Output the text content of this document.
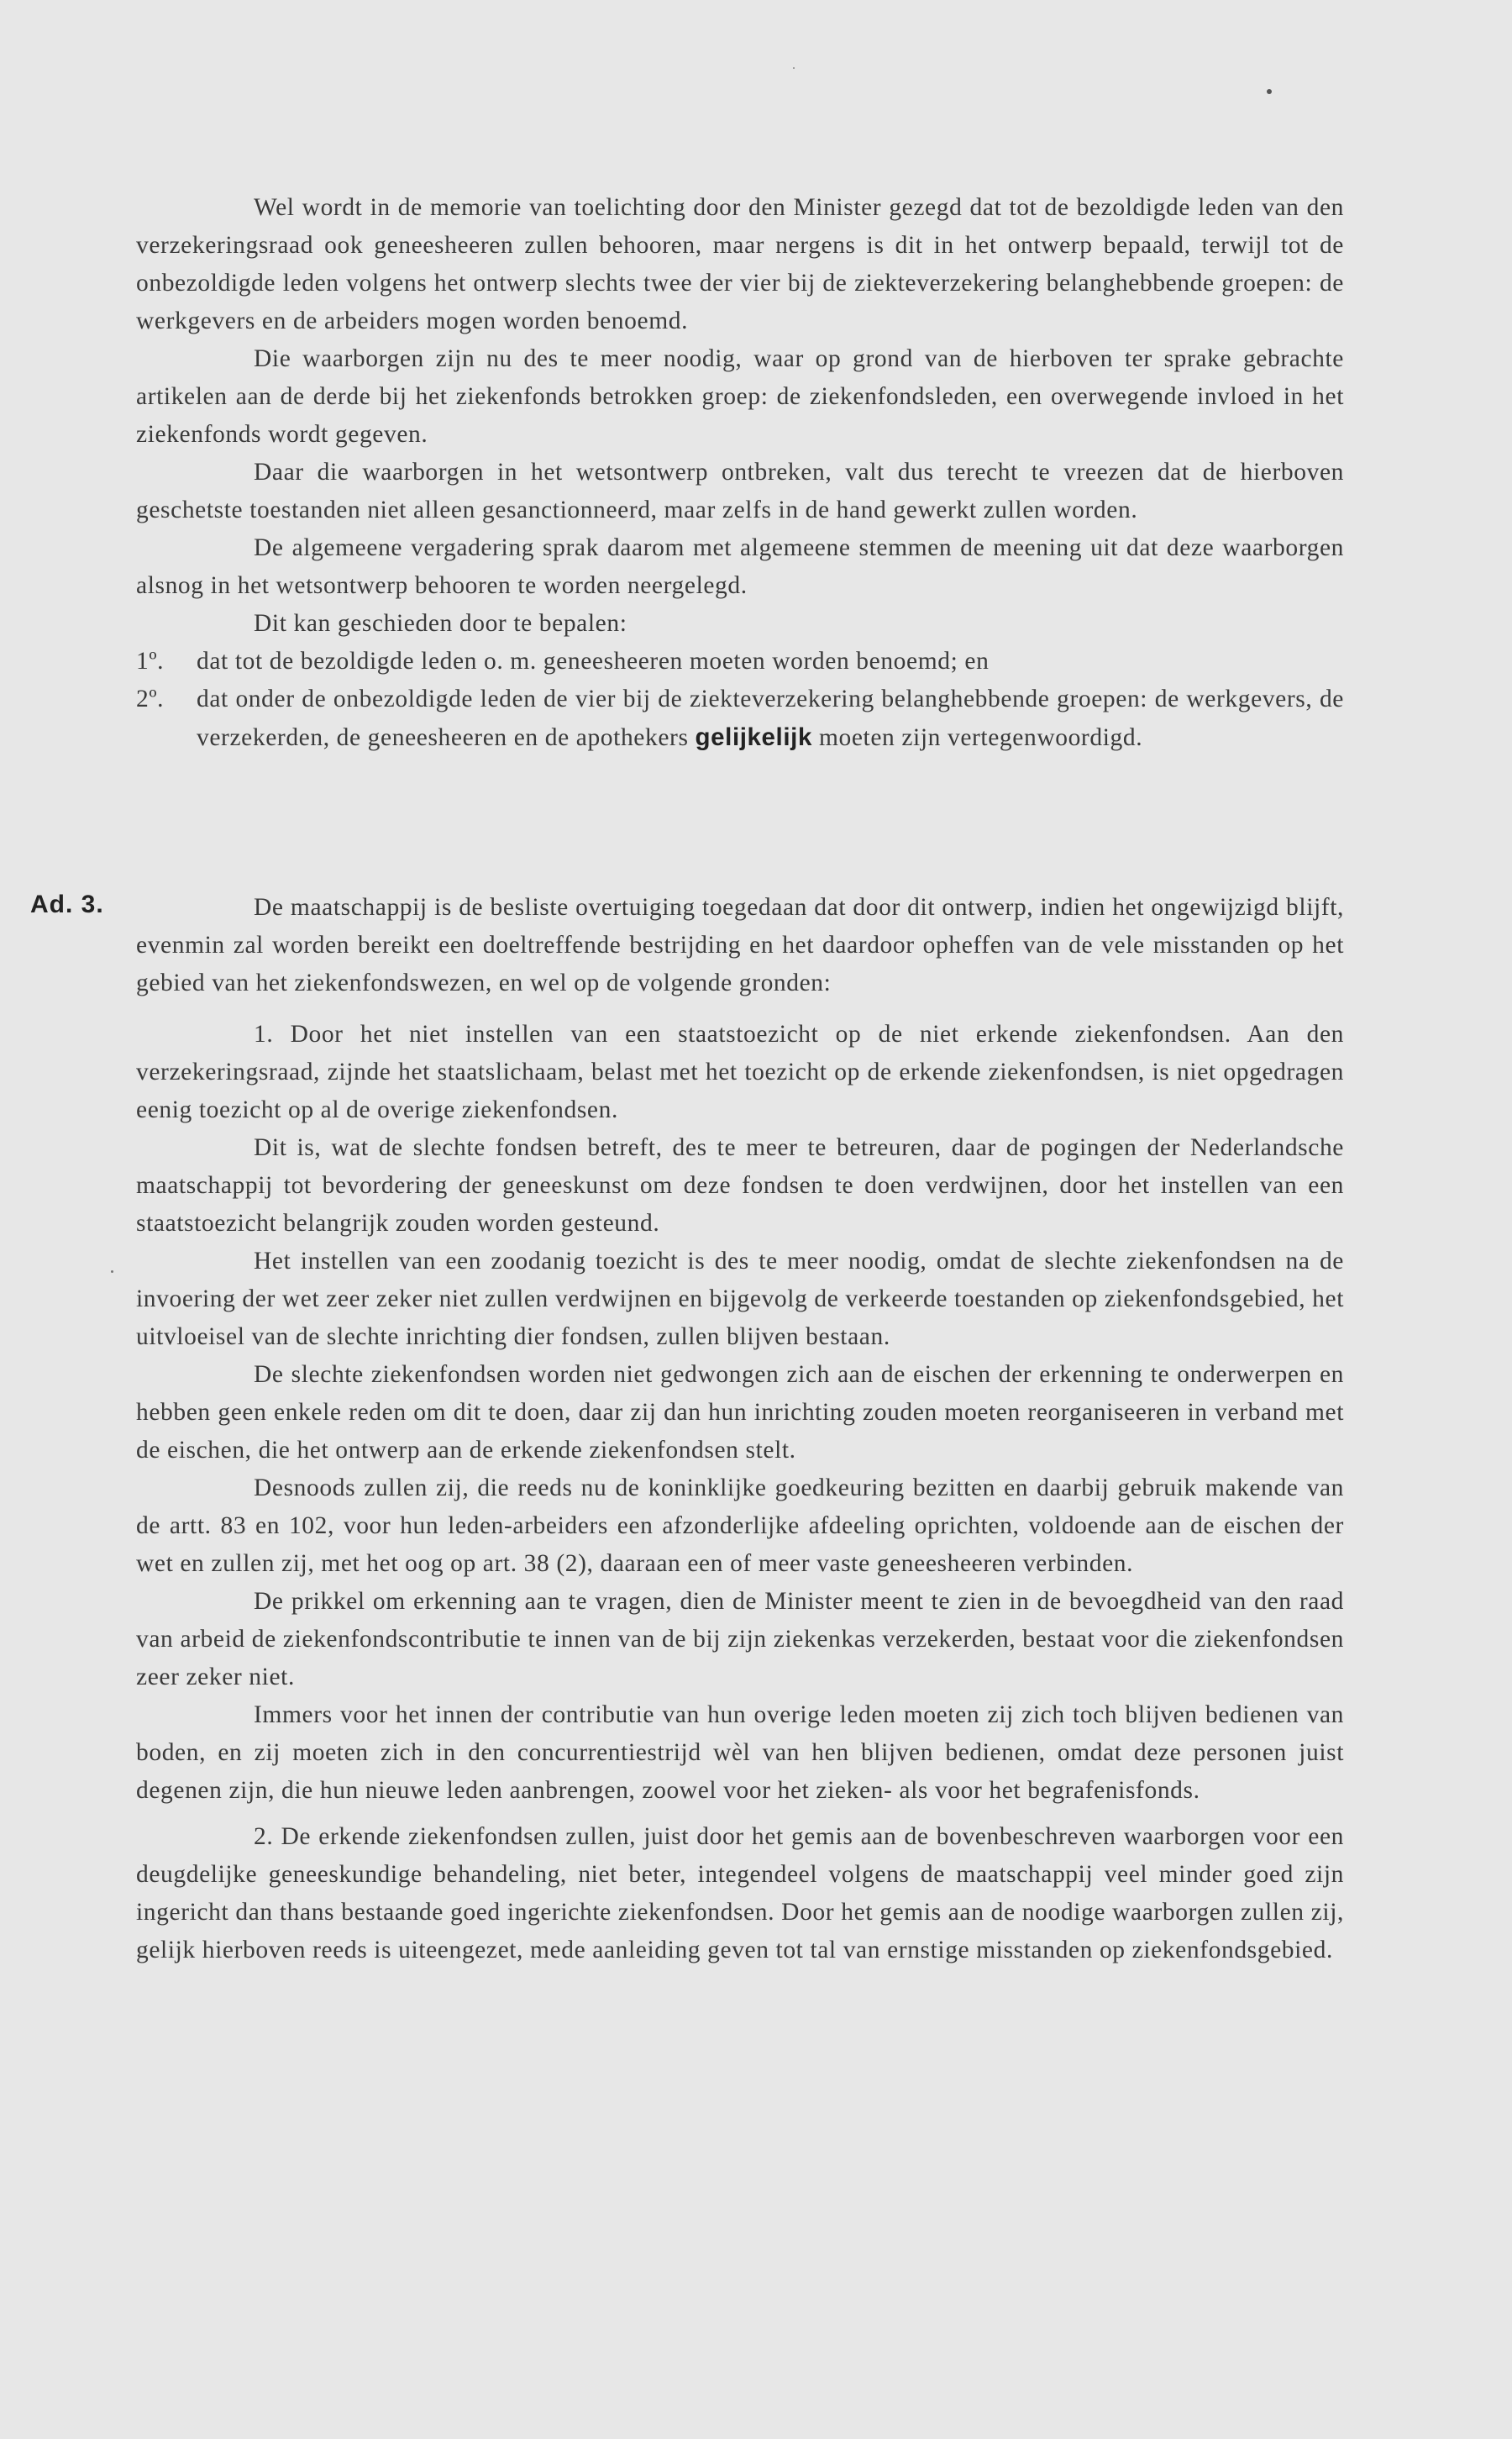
Wel wordt in de memorie van toelichting door den Minister gezegd dat tot de bezoldigde leden van den verzekeringsraad ook geneesheeren zullen behooren, maar nergens is dit in het ontwerp bepaald, terwijl tot de onbezoldigde leden volgens het ontwerp slechts twee der vier bij de ziekteverzekering belanghebbende groepen: de werkgevers en de arbeiders mogen worden benoemd.

Die waarborgen zijn nu des te meer noodig, waar op grond van de hierboven ter sprake gebrachte artikelen aan de derde bij het ziekenfonds betrokken groep: de ziekenfondsleden, een overwegende invloed in het ziekenfonds wordt gegeven.

Daar die waarborgen in het wetsontwerp ontbreken, valt dus terecht te vreezen dat de hierboven geschetste toestanden niet alleen gesanctionneerd, maar zelfs in de hand gewerkt zullen worden.

De algemeene vergadering sprak daarom met algemeene stemmen de meening uit dat deze waarborgen alsnog in het wetsontwerp behooren te worden neergelegd.

Dit kan geschieden door te bepalen:

1º. dat tot de bezoldigde leden o. m. geneesheeren moeten worden benoemd; en

2º. dat onder de onbezoldigde leden de vier bij de ziekteverzekering belanghebbende groepen: de werkgevers, de verzekerden, de geneesheeren en de apothekers gelijkelijk moeten zijn vertegenwoordigd.

Ad. 3.	De maatschappij is de besliste overtuiging toegedaan dat door dit ontwerp, indien het ongewijzigd blijft, evenmin zal worden bereikt een doeltreffende bestrijding en het daardoor opheffen van de vele misstanden op het gebied van het ziekenfondswezen, en wel op de volgende gronden:

1. Door het niet instellen van een staatstoezicht op de niet erkende ziekenfondsen. Aan den verzekeringsraad, zijnde het staatslichaam, belast met het toezicht op de erkende ziekenfondsen, is niet opgedragen eenig toezicht op al de overige ziekenfondsen.

Dit is, wat de slechte fondsen betreft, des te meer te betreuren, daar de pogingen der Nederlandsche maatschappij tot bevordering der geneeskunst om deze fondsen te doen verdwijnen, door het instellen van een staatstoezicht belangrijk zouden worden gesteund.

Het instellen van een zoodanig toezicht is des te meer noodig, omdat de slechte ziekenfondsen na de invoering der wet zeer zeker niet zullen verdwijnen en bijgevolg de verkeerde toestanden op ziekenfondsgebied, het uitvloeisel van de slechte inrichting dier fondsen, zullen blijven bestaan.

De slechte ziekenfondsen worden niet gedwongen zich aan de eischen der erkenning te onderwerpen en hebben geen enkele reden om dit te doen, daar zij dan hun inrichting zouden moeten reorganiseeren in verband met de eischen, die het ontwerp aan de erkende ziekenfondsen stelt.

Desnoods zullen zij, die reeds nu de koninklijke goedkeuring bezitten en daarbij gebruik makende van de artt. 83 en 102, voor hun leden-arbeiders een afzonderlijke afdeeling oprichten, voldoende aan de eischen der wet en zullen zij, met het oog op art. 38 (2), daaraan een of meer vaste geneesheeren verbinden.

De prikkel om erkenning aan te vragen, dien de Minister meent te zien in de bevoegdheid van den raad van arbeid de ziekenfondscontributie te innen van de bij zijn ziekenkas verzekerden, bestaat voor die ziekenfondsen zeer zeker niet.

Immers voor het innen der contributie van hun overige leden moeten zij zich toch blijven bedienen van boden, en zij moeten zich in den concurrentiestrijd wèl van hen blijven bedienen, omdat deze personen juist degenen zijn, die hun nieuwe leden aanbrengen, zoowel voor het zieken- als voor het begrafenisfonds.

2. De erkende ziekenfondsen zullen, juist door het gemis aan de bovenbeschreven waarborgen voor een deugdelijke geneeskundige behandeling, niet beter, integendeel volgens de maatschappij veel minder goed zijn ingericht dan thans bestaande goed ingerichte ziekenfondsen. Door het gemis aan de noodige waarborgen zullen zij, gelijk hierboven reeds is uiteengezet, mede aanleiding geven tot tal van ernstige misstanden op ziekenfondsgebied.
